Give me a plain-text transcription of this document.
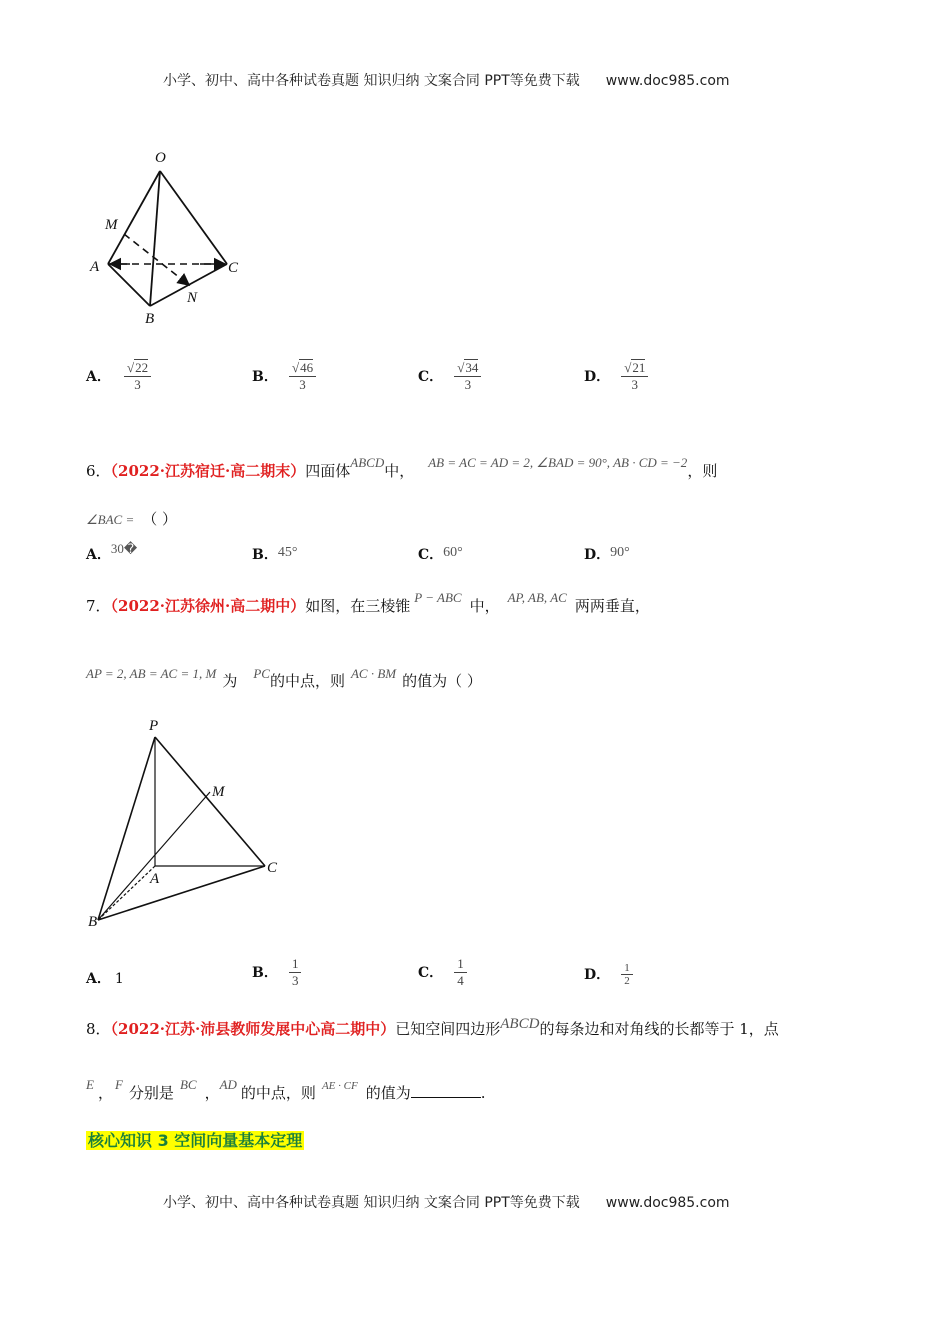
小学、初中、高中各种试卷真题 知识归纳 文案合同 PPT等免费下载 www.doc985.com
O
M
A	C
N
B
A． $\frac{√22}{3}$	B． $\frac{√46}{3}$	C． $\frac{√34}{3}$	D． $\frac{√21}{3}$
6．（2022·江苏宿迁·高二期末）四面体ABCD中， AB = AC = AD = 2, ∠BAD = 90°, AB · CD = −2，则
∠BAC = （ ）
A．$^{30�}$	B．45°	C．60°	D．90°
7．（2022·江苏徐州·高二期中）如图，在三棱锥 P − ABC 中， AP, AB, AC 两两垂直，
AP = 2, AB = AC = 1, M 为 PC的中点，则 AC · BM 的值为（ ）
P
M
A
C
B
A． 1	B． $\frac{1}{3}$	C． $\frac{1}{4}$	D． $\frac{1}{2}$
8．（2022·江苏·沛县教师发展中心高二期中）已知空间四边形ABCD的每条边和对角线的长都等于 1，点
E ， F 分别是 BC ，AD 的中点，则 $^{AE \cdot CF}$ 的值为	.
核心知识 3 空间向量基本定理
小学、初中、高中各种试卷真题 知识归纳 文案合同 PPT等免费下载 www.doc985.com
